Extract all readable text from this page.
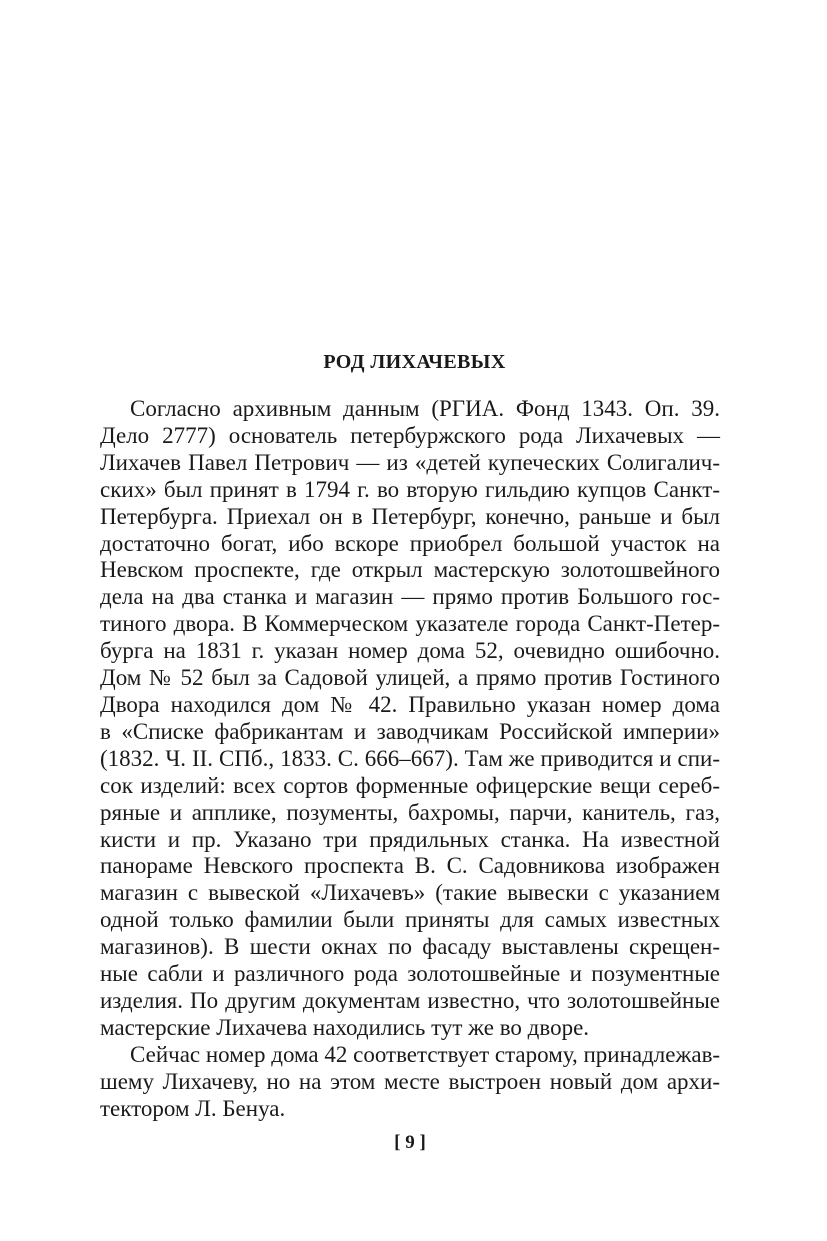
РОД ЛИХАЧЕВЫХ
Согласно архивным данным (РГИА. Фонд 1343. Оп. 39.
Дело 2777) основатель петербуржского рода Лихачевых —
Лихачев Павел Петрович — из «детей купеческих Солигалич-
ских» был принят в 1794 г. во вторую гильдию купцов Санкт-
Петербурга. Приехал он в Петербург, конечно, раньше и был
достаточно богат, ибо вскоре приобрел большой участок на
Невском проспекте, где открыл мастерскую золотошвейного
дела на два станка и магазин — прямо против Большого гос-
тиного двора. В Коммерческом указателе города Санкт-Петер-
бурга на 1831 г. указан номер дома 52, очевидно ошибочно.
Дом № 52 был за Садовой улицей, а прямо против Гостиного
Двора находился дом № 42. Правильно указан номер дома
в «Списке фабрикантам и заводчикам Российской империи»
(1832. Ч. II. СПб., 1833. С. 666–667). Там же приводится и спи-
сок изделий: всех сортов форменные офицерские вещи сереб-
ряные и апплике, позументы, бахромы, парчи, канитель, газ,
кисти и пр. Указано три прядильных станка. На известной
панораме Невского проспекта В. С. Садовникова изображен
магазин с вывеской «Лихачевъ» (такие вывески с указанием
одной только фамилии были приняты для самых известных
магазинов). В шести окнах по фасаду выставлены скрещен-
ные сабли и различного рода золотошвейные и позументные
изделия. По другим документам известно, что золотошвейные
мастерские Лихачева находились тут же во дворе.
Сейчас номер дома 42 соответствует старому, принадлежав-
шему Лихачеву, но на этом месте выстроен новый дом архи-
тектором Л. Бенуа.
[ 9 ]
